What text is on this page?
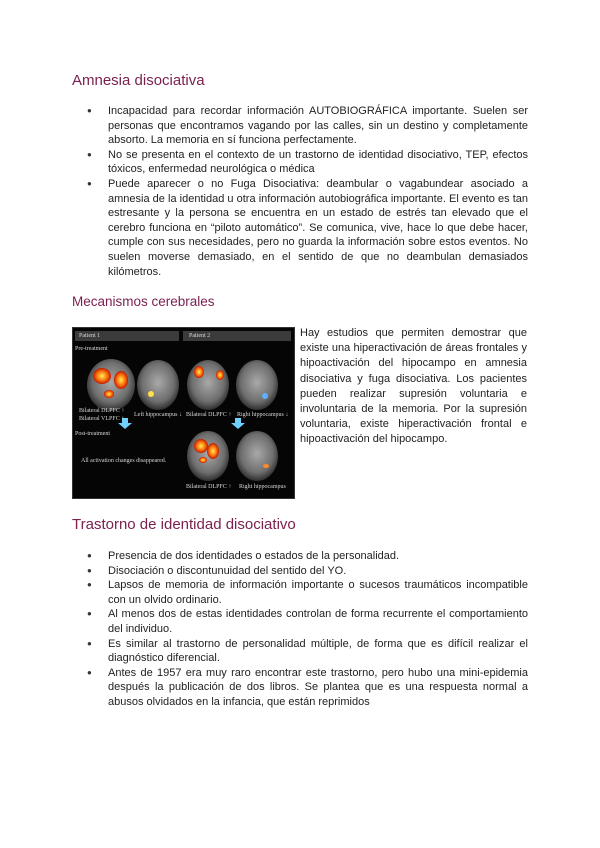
Amnesia disociativa
● Incapacidad para recordar información AUTOBIOGRÁFICA importante. Suelen ser personas que encontramos vagando por las calles, sin un destino y completamente absorto. La memoria en sí funciona perfectamente.
● No se presenta en el contexto de un trastorno de identidad disociativo, TEP, efectos tóxicos, enfermedad neurológica o médica
● Puede aparecer o no Fuga Disociativa: deambular o vagabundear asociado a amnesia de la identidad u otra información autobiográfica importante. El evento es tan estresante y la persona se encuentra en un estado de estrés tan elevado que el cerebro funciona en “piloto automático”. Se comunica, vive, hace lo que debe hacer, cumple con sus necesidades, pero no guarda la información sobre estos eventos. No suelen moverse demasiado, en el sentido de que no deambulan demasiados kilómetros.
Mecanismos cerebrales
Patient 1	Patient 2
Pre-treatment
Bilateral DLPFC ↑
Bilateral VLPFC ↑
Left hippocampus ↓ Bilateral DLPFC ↑ Right hippocampus ↓
Post-treatment
All activation changes disappeared.
Bilateral DLPFC ↑ Right hippocampus

Hay estudios que permiten demostrar que existe una hiperactivación de áreas frontales y hipoactivación del hipocampo en amnesia disociativa y fuga disociativa. Los pacientes pueden realizar supresión voluntaria e involuntaria de la memoria. Por la supresión voluntaria, existe hiperactivación frontal e hipoactivación del hipocampo.

Trastorno de identidad disociativo
● Presencia de dos identidades o estados de la personalidad.
● Disociación o discontunuidad del sentido del YO.
● Lapsos de memoria de información importante o sucesos traumáticos incompatible con un olvido ordinario.
● Al menos dos de estas identidades controlan de forma recurrente el comportamiento del individuo.
● Es similar al trastorno de personalidad múltiple, de forma que es difícil realizar el diagnóstico diferencial.
● Antes de 1957 era muy raro encontrar este trastorno, pero hubo una mini-epidemia después la publicación de dos libros. Se plantea que es una respuesta normal a abusos olvidados en la infancia, que están reprimidos
